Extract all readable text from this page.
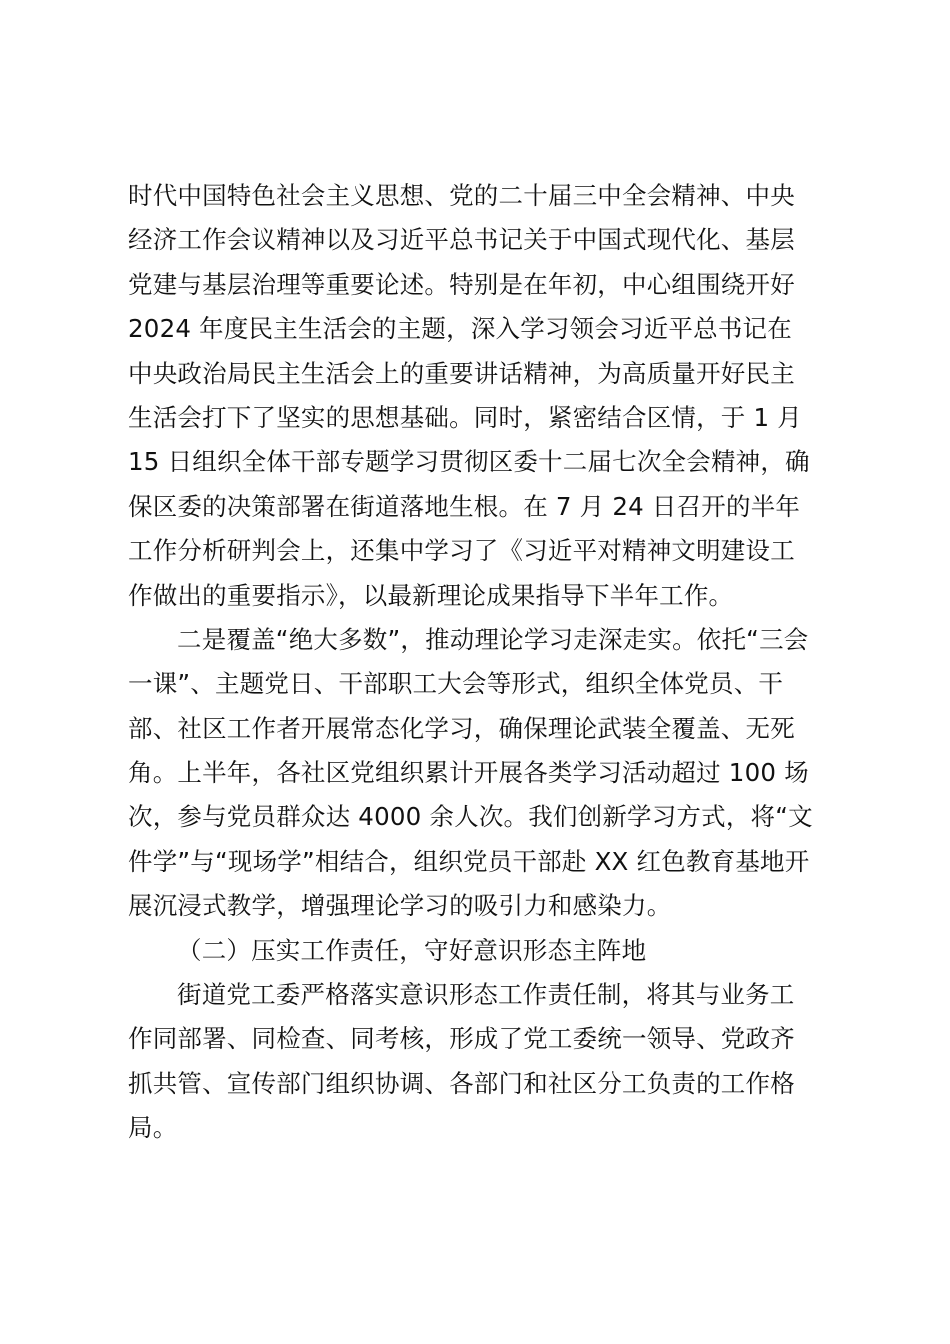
时代中国特色社会主义思想、党的二十届三中全会精神、中央
经济工作会议精神以及习近平总书记关于中国式现代化、基层
党建与基层治理等重要论述。特别是在年初，中心组围绕开好
2024 年度民主生活会的主题，深入学习领会习近平总书记在
中央政治局民主生活会上的重要讲话精神，为高质量开好民主
生活会打下了坚实的思想基础。同时，紧密结合区情，于 1 月
15 日组织全体干部专题学习贯彻区委十二届七次全会精神，确
保区委的决策部署在街道落地生根。在 7 月 24 日召开的半年
工作分析研判会上，还集中学习了《习近平对精神文明建设工
作做出的重要指示》，以最新理论成果指导下半年工作。
二是覆盖“绝大多数”，推动理论学习走深走实。依托“三会
一课”、主题党日、干部职工大会等形式，组织全体党员、干
部、社区工作者开展常态化学习，确保理论武装全覆盖、无死
角。上半年，各社区党组织累计开展各类学习活动超过 100 场
次，参与党员群众达 4000 余人次。我们创新学习方式，将“文
件学”与“现场学”相结合，组织党员干部赴 XX 红色教育基地开
展沉浸式教学，增强理论学习的吸引力和感染力。
（二）压实工作责任，守好意识形态主阵地
街道党工委严格落实意识形态工作责任制，将其与业务工
作同部署、同检查、同考核，形成了党工委统一领导、党政齐
抓共管、宣传部门组织协调、各部门和社区分工负责的工作格
局。
